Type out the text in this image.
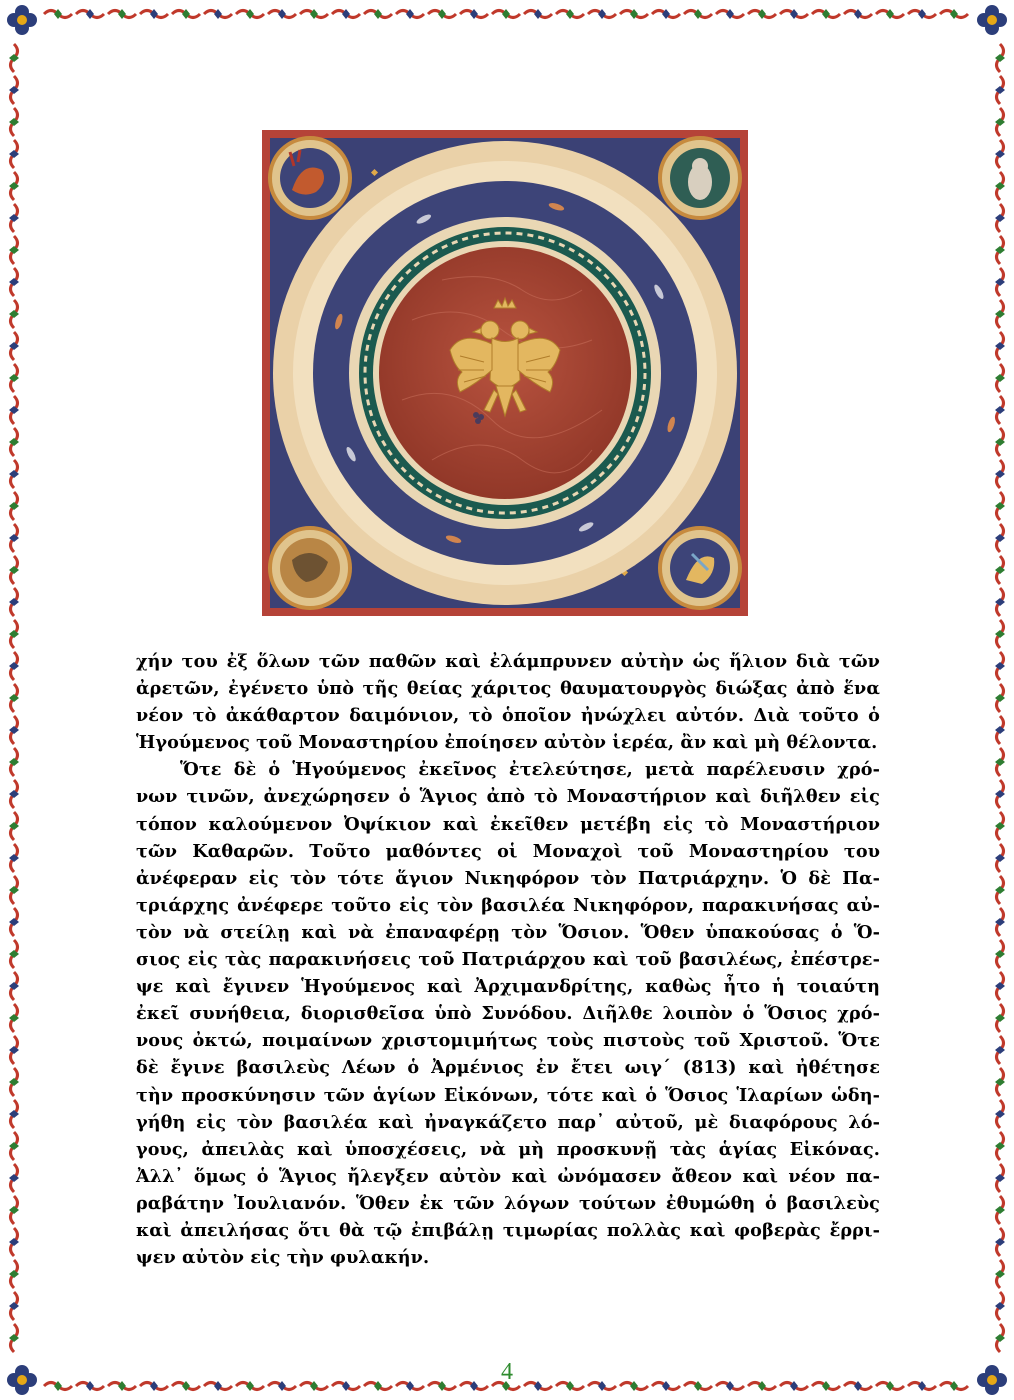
χήν του ἐξ ὅλων τῶν παθῶν καὶ ἐλάμπρυνεν αὐτὴν ὡς ἥλιον διὰ τῶν
ἀρετῶν, ἐγένετο ὑπὸ τῆς θείας χάριτος θαυματουργὸς διώξας ἀπὸ ἕνα
νέον τὸ ἀκάθαρτον δαιμόνιον, τὸ ὁποῖον ἠνώχλει αὐτόν. Διὰ τοῦτο ὁ
Ἡγούμενος τοῦ Μοναστηρίου ἐποίησεν αὐτὸν ἱερέα, ἂν καὶ μὴ θέλοντα.
Ὅτε δὲ ὁ Ἡγούμενος ἐκεῖνος ἐτελεύτησε, μετὰ παρέλευσιν χρό-
νων τινῶν, ἀνεχώρησεν ὁ Ἅγιος ἀπὸ τὸ Μοναστήριον καὶ διῆλθεν εἰς
τόπον καλούμενον Ὀψίκιον καὶ ἐκεῖθεν μετέβη εἰς τὸ Μοναστήριον
τῶν Καθαρῶν. Τοῦτο μαθόντες οἱ Μοναχοὶ τοῦ Μοναστηρίου του
ἀνέφεραν εἰς τὸν τότε ἅγιον Νικηφόρον τὸν Πατριάρχην. Ὁ δὲ Πα-
τριάρχης ἀνέφερε τοῦτο εἰς τὸν βασιλέα Νικηφόρον, παρακινήσας αὐ-
τὸν νὰ στείλῃ καὶ νὰ ἐπαναφέρῃ τὸν Ὅσιον. Ὅθεν ὑπακούσας ὁ Ὅ-
σιος εἰς τὰς παρακινήσεις τοῦ Πατριάρχου καὶ τοῦ βασιλέως, ἐπέστρε-
ψε καὶ ἔγινεν Ἡγούμενος καὶ Ἀρχιμανδρίτης, καθὼς ἦτο ἡ τοιαύτη
ἐκεῖ συνήθεια, διορισθεῖσα ὑπὸ Συνόδου. Διῆλθε λοιπὸν ὁ Ὅσιος χρό-
νους ὀκτώ, ποιμαίνων χριστομιμήτως τοὺς πιστοὺς τοῦ Χριστοῦ. Ὅτε
δὲ ἔγινε βασιλεὺς Λέων ὁ Ἀρμένιος ἐν ἔτει ωιγ´ (813) καὶ ἠθέτησε
τὴν προσκύνησιν τῶν ἁγίων Εἰκόνων, τότε καὶ ὁ Ὅσιος Ἱλαρίων ὡδη-
γήθη εἰς τὸν βασιλέα καὶ ἠναγκάζετο παρ᾽ αὐτοῦ, μὲ διαφόρους λό-
γους, ἀπειλὰς καὶ ὑποσχέσεις, νὰ μὴ προσκυνῇ τὰς ἁγίας Εἰκόνας.
Ἀλλ᾽ ὅμως ὁ Ἅγιος ἤλεγξεν αὐτὸν καὶ ὠνόμασεν ἄθεον καὶ νέον πα-
ραβάτην Ἰουλιανόν. Ὅθεν ἐκ τῶν λόγων τούτων ἐθυμώθη ὁ βασιλεὺς
καὶ ἀπειλήσας ὅτι θὰ τῷ ἐπιβάλῃ τιμωρίας πολλὰς καὶ φοβερὰς ἔρρι-
ψεν αὐτὸν εἰς τὴν φυλακήν.

4
